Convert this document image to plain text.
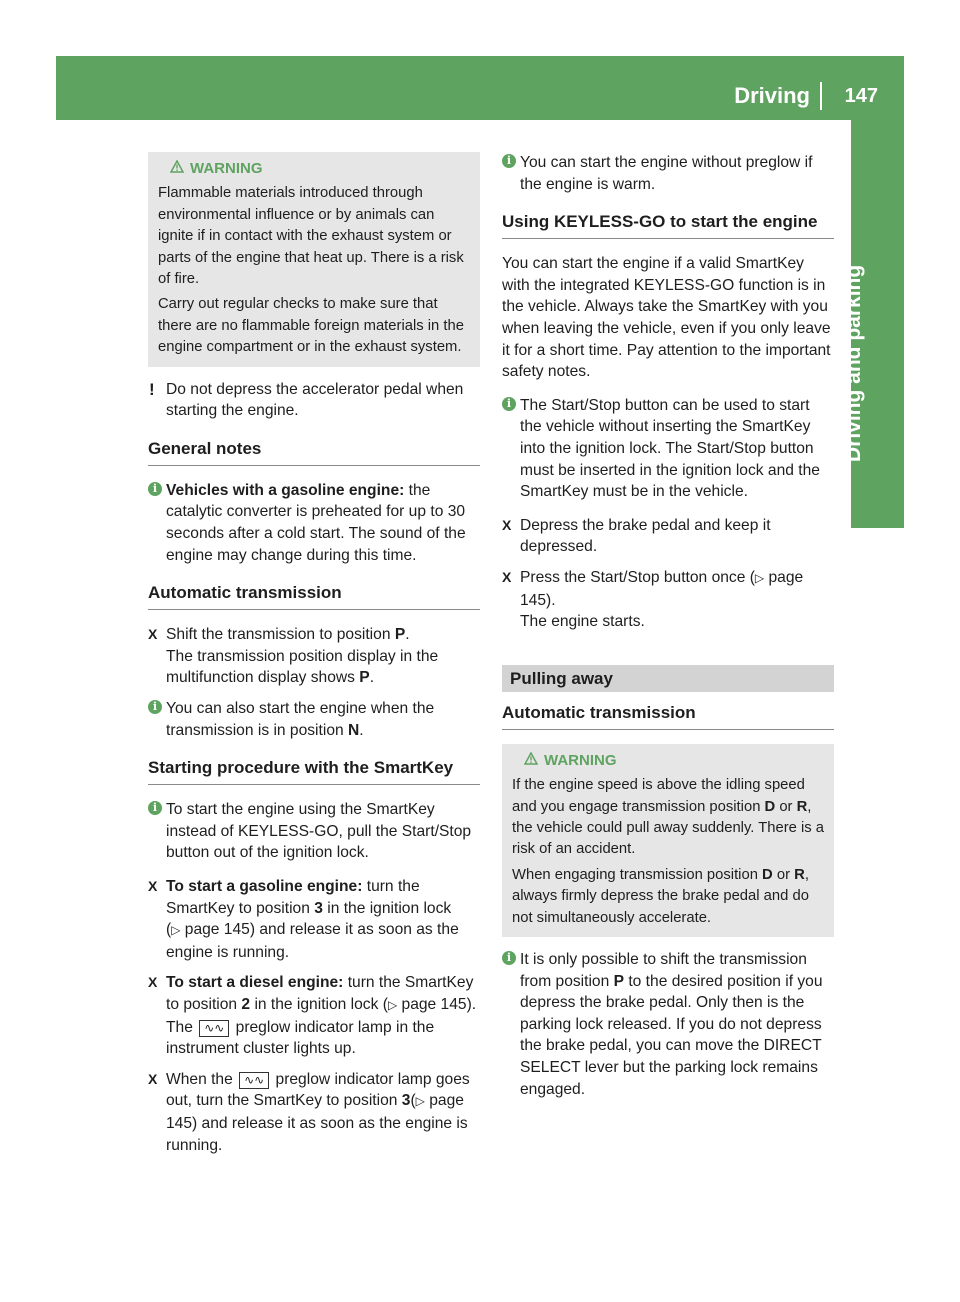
Driving	147
Driving and parking
WARNING

Flammable materials introduced through environmental influence or by animals can ignite if in contact with the exhaust system or parts of the engine that heat up. There is a risk of fire.

Carry out regular checks to make sure that there are no flammable foreign materials in the engine compartment or in the exhaust system.

! Do not depress the accelerator pedal when starting the engine.
General notes
i Vehicles with a gasoline engine: the catalytic converter is preheated for up to 30 seconds after a cold start. The sound of the engine may change during this time.
Automatic transmission
X Shift the transmission to position P.
The transmission position display in the multifunction display shows P.
i You can also start the engine when the transmission is in position N.
Starting procedure with the SmartKey
i To start the engine using the SmartKey instead of KEYLESS-GO, pull the Start/Stop button out of the ignition lock.
X To start a gasoline engine: turn the SmartKey to position 3 in the ignition lock (▷ page 145) and release it as soon as the engine is running.
X To start a diesel engine: turn the SmartKey to position 2 in the ignition lock (▷ page 145).
The ∿∿ preglow indicator lamp in the instrument cluster lights up.
X When the ∿∿ preglow indicator lamp goes out, turn the SmartKey to position 3(▷ page 145) and release it as soon as the engine is running.
i You can start the engine without preglow if the engine is warm.
Using KEYLESS-GO to start the engine

You can start the engine if a valid SmartKey with the integrated KEYLESS-GO function is in the vehicle. Always take the SmartKey with you when leaving the vehicle, even if you only leave it for a short time. Pay attention to the important safety notes.

i The Start/Stop button can be used to start the vehicle without inserting the SmartKey into the ignition lock. The Start/Stop button must be inserted in the ignition lock and the SmartKey must be in the vehicle.
X Depress the brake pedal and keep it depressed.
X Press the Start/Stop button once (▷ page 145).
The engine starts.
Pulling away
Automatic transmission
WARNING

If the engine speed is above the idling speed and you engage transmission position D or R, the vehicle could pull away suddenly. There is a risk of an accident.

When engaging transmission position D or R, always firmly depress the brake pedal and do not simultaneously accelerate.

i It is only possible to shift the transmission from position P to the desired position if you depress the brake pedal. Only then is the parking lock released. If you do not depress the brake pedal, you can move the DIRECT SELECT lever but the parking lock remains engaged.
